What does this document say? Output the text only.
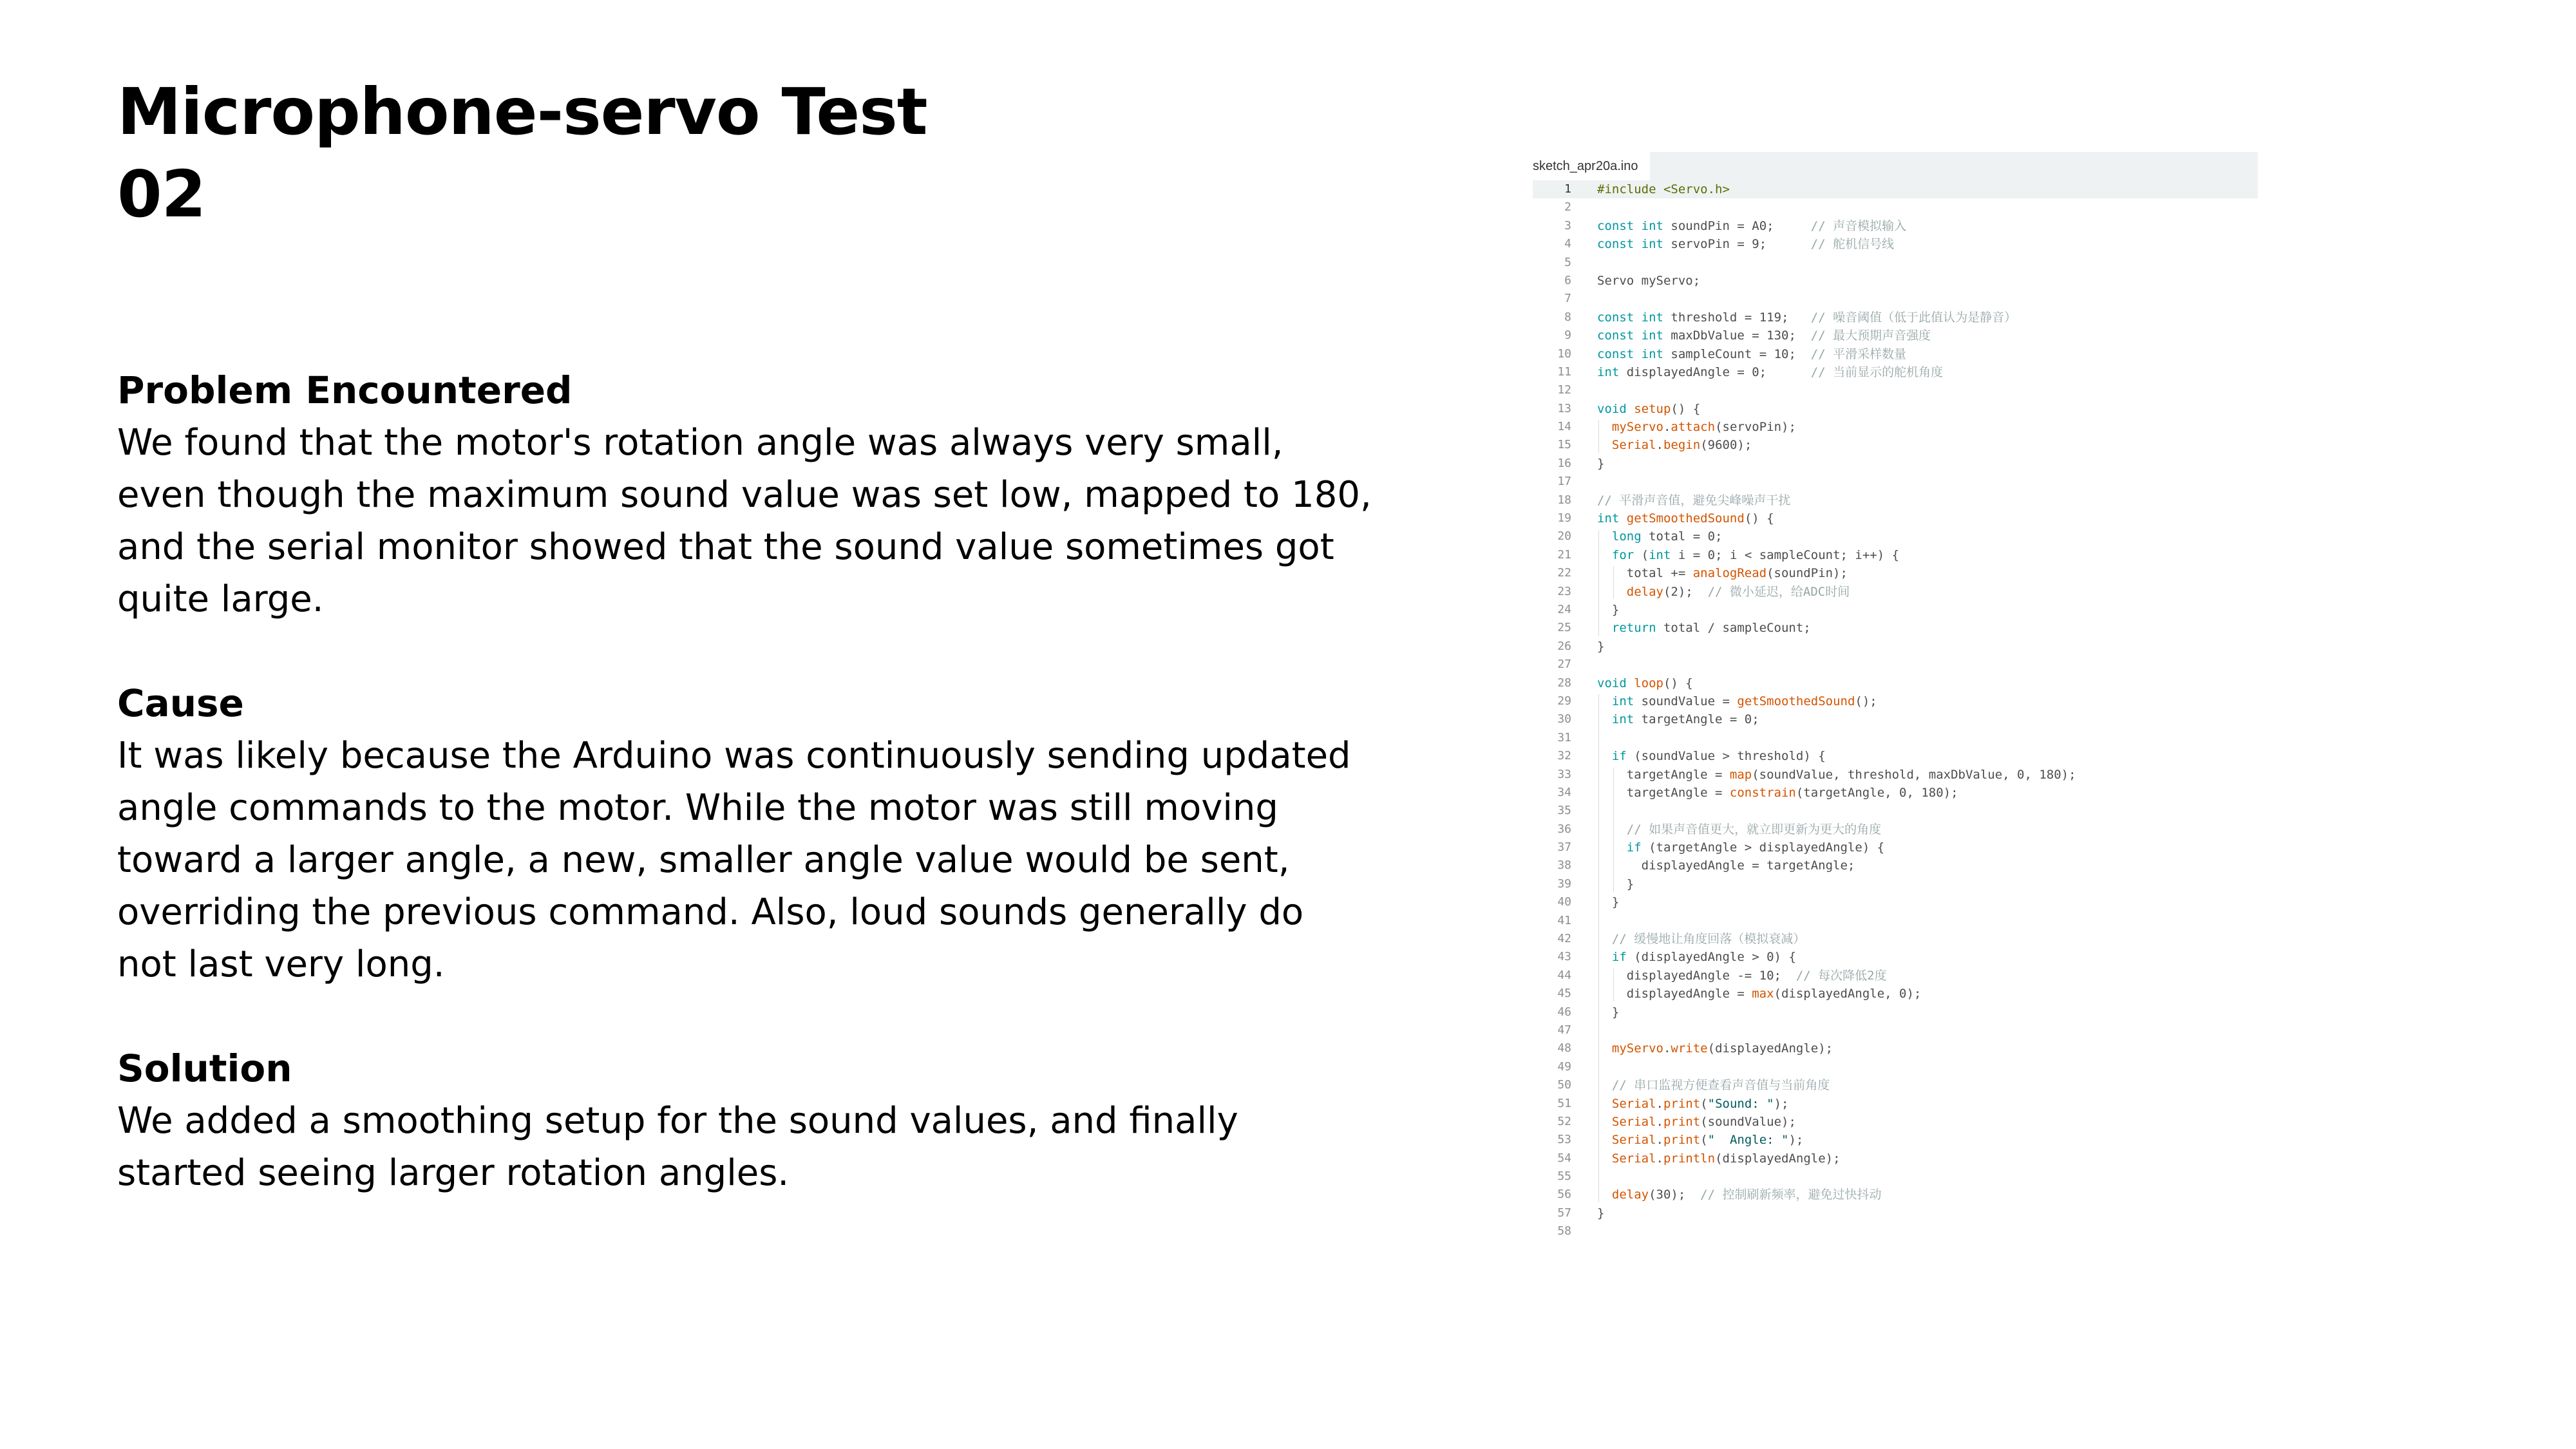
Microphone-servo Test
02
Problem Encountered

We found that the motor's rotation angle was always very small, even though the maximum sound value was set low, mapped to 180, and the serial monitor showed that the sound value sometimes got quite large.

Cause

It was likely because the Arduino was continuously sending updated angle commands to the motor. While the motor was still moving toward a larger angle, a new, smaller angle value would be sent, overriding the previous command. Also, loud sounds generally do not last very long.

Solution

We added a smoothing setup for the sound values, and finally started seeing larger rotation angles.

sketch_apr20a.ino
1 #include <Servo.h>
2
3 const int soundPin = A0;     // 声音模拟输入
4 const int servoPin = 9;      // 舵机信号线
5
6 Servo myServo;
7
8 const int threshold = 119;   // 噪音阈值（低于此值认为是静音）
9 const int maxDbValue = 130;  // 最大预期声音强度
10 const int sampleCount = 10;  // 平滑采样数量
11 int displayedAngle = 0;      // 当前显示的舵机角度
12
13 void setup() {
14	myServo.attach(servoPin);
15	Serial.begin(9600);
16 }
17
18 // 平滑声音值，避免尖峰噪声干扰
19 int getSmoothedSound() {
20	long total = 0;
21	for (int i = 0; i < sampleCount; i++) {
22 total += analogRead(soundPin);
23	delay(2);  // 微小延迟，给ADC时间
24 }
25	return total / sampleCount;
26 }
27
28 void loop() {
29	int soundValue = getSmoothedSound();
30	int targetAngle = 0;
31
32	if (soundValue > threshold) {
33 targetAngle = map(soundValue, threshold, maxDbValue, 0, 180);
34 targetAngle = constrain(targetAngle, 0, 180);
35
36	// 如果声音值更大，就立即更新为更大的角度
37	if (targetAngle > displayedAngle) {
38 displayedAngle = targetAngle;
39 }
40 }
41
42	// 缓慢地让角度回落（模拟衰减）
43	if (displayedAngle > 0) {
44 displayedAngle -= 10;  // 每次降低2度
45 displayedAngle = max(displayedAngle, 0);
46 }
47
48	myServo.write(displayedAngle);
49
50	// 串口监视方便查看声音值与当前角度
51	Serial.print("Sound: ");
52	Serial.print(soundValue);
53	Serial.print("  Angle: ");
54	Serial.println(displayedAngle);
55
56	delay(30);  // 控制刷新频率，避免过快抖动
57 }
58
